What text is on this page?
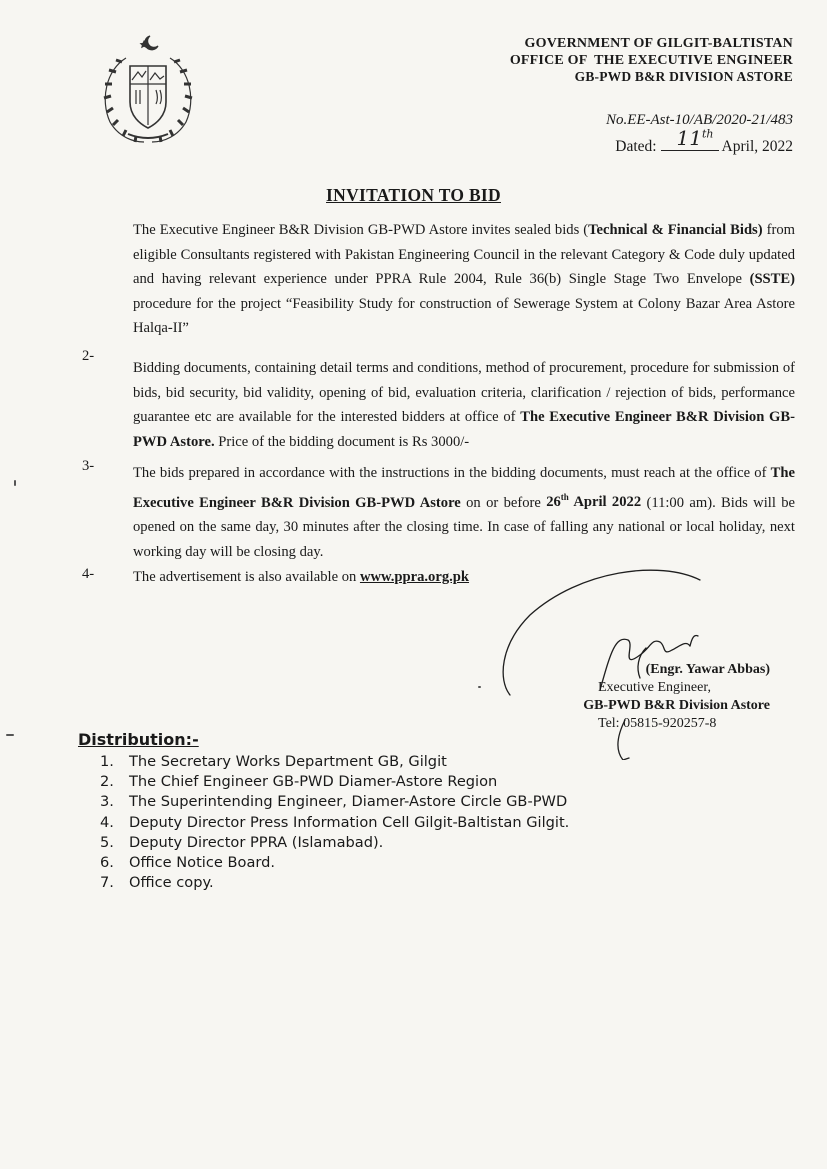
GOVERNMENT OF GILGIT-BALTISTAN
OFFICE OF  THE EXECUTIVE ENGINEER
GB-PWD B&R DIVISION ASTORE
No.EE-Ast-10/AB/2020-21/483
Dated: 11th
April, 2022
INVITATION TO BID
The Executive Engineer B&R Division GB-PWD Astore invites sealed bids (Technical & Financial Bids) from eligible Consultants registered with Pakistan Engineering Council in the relevant Category & Code duly updated and having relevant experience under PPRA Rule 2004, Rule 36(b) Single Stage Two Envelope (SSTE) procedure for the project “Feasibility Study for construction of Sewerage System at Colony Bazar Area Astore Halqa-II”
2-
Bidding documents, containing detail terms and conditions, method of procurement, procedure for submission of bids, bid security, bid validity, opening of bid, evaluation criteria, clarification / rejection of bids, performance guarantee etc are available for the interested bidders at office of The Executive Engineer B&R Division GB-PWD Astore. Price of the bidding document is Rs 3000/-
3-	The bids prepared in accordance with the instructions in the bidding documents, must reach at the office of The Executive Engineer B&R Division GB-PWD Astore on or before 26th April 2022 (11:00 am). Bids will be opened on the same day, 30 minutes after the closing time. In case of falling any national or local holiday, next working day will be closing day.
4-	The advertisement is also available on www.ppra.org.pk
(Engr. Yawar Abbas)
Executive Engineer,
GB-PWD B&R Division Astore
Tel: 05815-920257-8
Distribution:-
1. The Secretary Works Department GB, Gilgit
2. The Chief Engineer GB-PWD Diamer-Astore Region
3. The Superintending Engineer, Diamer-Astore Circle GB-PWD
4. Deputy Director Press Information Cell Gilgit-Baltistan Gilgit.
5. Deputy Director PPRA (Islamabad).
6. Office Notice Board.
7. Office copy.
